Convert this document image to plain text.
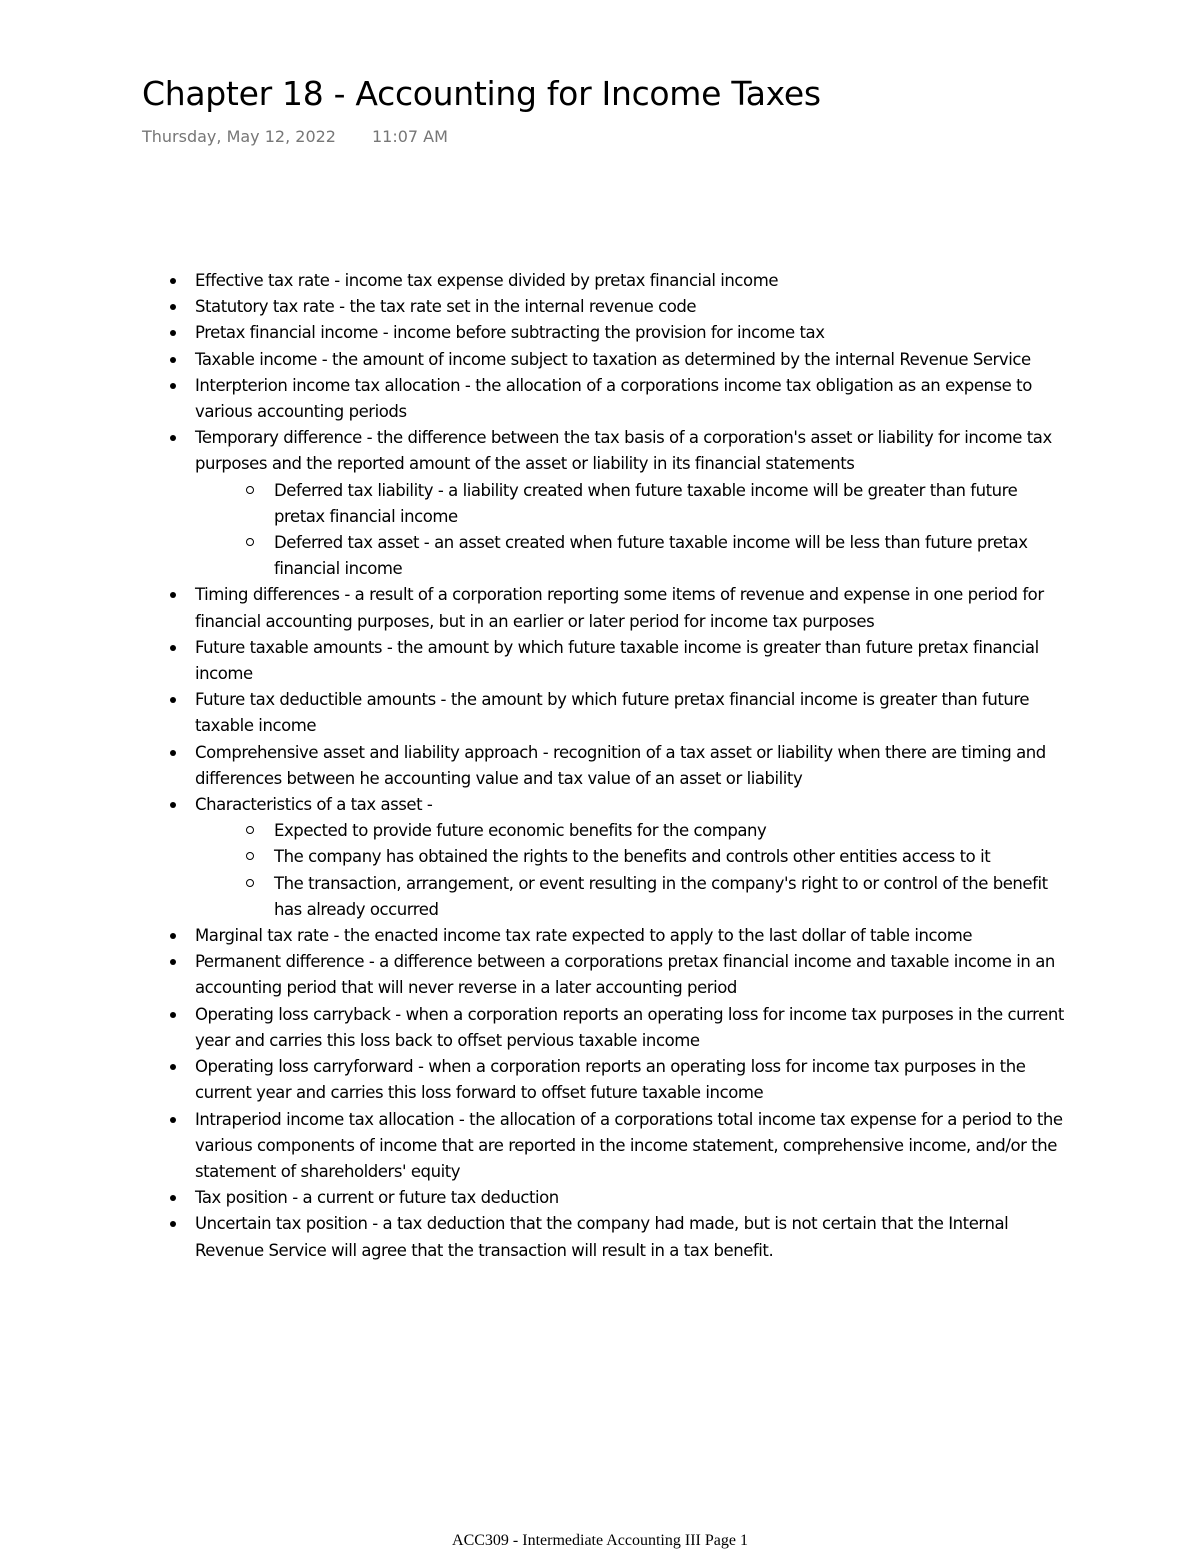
Chapter 18 - Accounting for Income Taxes
Thursday, May 12, 2022 11:07 AM
Effective tax rate - income tax expense divided by pretax financial income
Statutory tax rate - the tax rate set in the internal revenue code
Pretax financial income - income before subtracting the provision for income tax
Taxable income - the amount of income subject to taxation as determined by the internal Revenue Service
Interpterion income tax allocation - the allocation of a corporations income tax obligation as an expense to various accounting periods
Temporary difference - the difference between the tax basis of a corporation's asset or liability for income tax purposes and the reported amount of the asset or liability in its financial statements
Deferred tax liability - a liability created when future taxable income will be greater than future pretax financial income
Deferred tax asset - an asset created when future taxable income will be less than future pretax financial income
Timing differences - a result of a corporation reporting some items of revenue and expense in one period for financial accounting purposes, but in an earlier or later period for income tax purposes
Future taxable amounts - the amount by which future taxable income is greater than future pretax financial income
Future tax deductible amounts - the amount by which future pretax financial income is greater than future taxable income
Comprehensive asset and liability approach - recognition of a tax asset or liability when there are timing and differences between he accounting value and tax value of an asset or liability
Characteristics of a tax asset -
Expected to provide future economic benefits for the company
The company has obtained the rights to the benefits and controls other entities access to it
The transaction, arrangement, or event resulting in the company's right to or control of the benefit has already occurred
Marginal tax rate - the enacted income tax rate expected to apply to the last dollar of table income
Permanent difference - a difference between a corporations pretax financial income and taxable income in an accounting period that will never reverse in a later accounting period
Operating loss carryback - when a corporation reports an operating loss for income tax purposes in the current year and carries this loss back to offset pervious taxable income
Operating loss carryforward - when a corporation reports an operating loss for income tax purposes in the current year and carries this loss forward to offset future taxable income
Intraperiod income tax allocation - the allocation of a corporations total income tax expense for a period to the various components of income that are reported in the income statement, comprehensive income, and/or the statement of shareholders' equity
Tax position - a current or future tax deduction
Uncertain tax position - a tax deduction that the company had made, but is not certain that the Internal Revenue Service will agree that the transaction will result in a tax benefit.
ACC309 - Intermediate Accounting III Page 1
